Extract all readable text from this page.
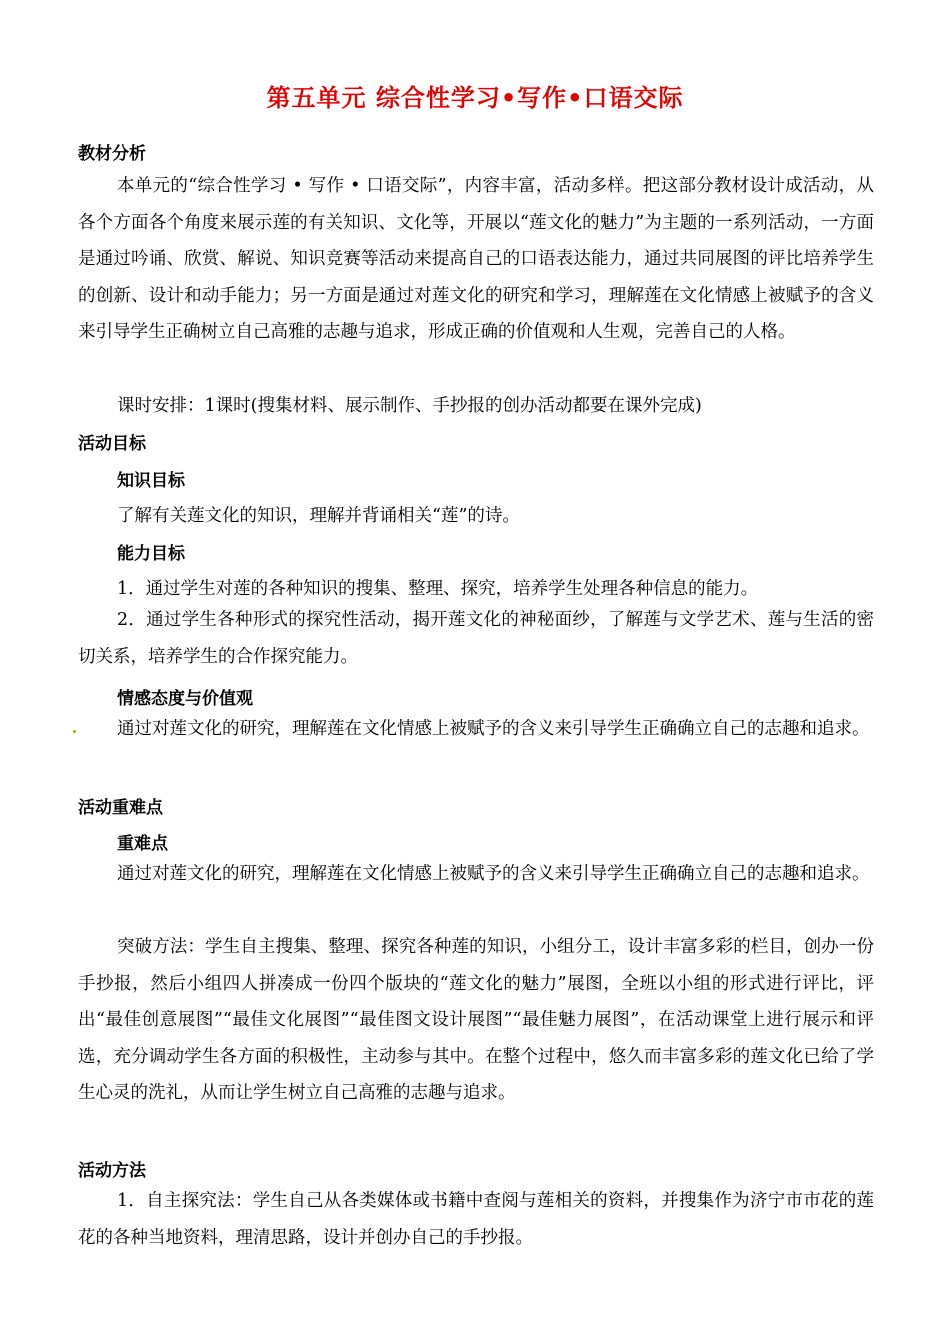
第五单元 综合性学习•写作•口语交际
教材分析
本单元的“综合性学习 • 写作 • 口语交际”，内容丰富，活动多样。把这部分教材设计成活动，从各个方面各个角度来展示莲的有关知识、文化等，开展以“莲文化的魅力”为主题的一系列活动，一方面是通过吟诵、欣赏、解说、知识竞赛等活动来提高自己的口语表达能力，通过共同展图的评比培养学生的创新、设计和动手能力；另一方面是通过对莲文化的研究和学习，理解莲在文化情感上被赋予的含义来引导学生正确树立自己高雅的志趣与追求，形成正确的价值观和人生观，完善自己的人格。
课时安排：1课时(搜集材料、展示制作、手抄报的创办活动都要在课外完成)
活动目标
知识目标
了解有关莲文化的知识，理解并背诵相关“莲”的诗。
能力目标
1．通过学生对莲的各种知识的搜集、整理、探究，培养学生处理各种信息的能力。
2．通过学生各种形式的探究性活动，揭开莲文化的神秘面纱，了解莲与文学艺术、莲与生活的密切关系，培养学生的合作探究能力。
情感态度与价值观
通过对莲文化的研究，理解莲在文化情感上被赋予的含义来引导学生正确确立自己的志趣和追求。
活动重难点
重难点
通过对莲文化的研究，理解莲在文化情感上被赋予的含义来引导学生正确确立自己的志趣和追求。
突破方法：学生自主搜集、整理、探究各种莲的知识，小组分工，设计丰富多彩的栏目，创办一份手抄报，然后小组四人拼凑成一份四个版块的“莲文化的魅力”展图，全班以小组的形式进行评比，评出“最佳创意展图”“最佳文化展图”“最佳图文设计展图”“最佳魅力展图”，在活动课堂上进行展示和评选，充分调动学生各方面的积极性，主动参与其中。在整个过程中，悠久而丰富多彩的莲文化已给了学生心灵的洗礼，从而让学生树立自己高雅的志趣与追求。
活动方法
1．自主探究法：学生自己从各类媒体或书籍中查阅与莲相关的资料，并搜集作为济宁市市花的莲花的各种当地资料，理清思路，设计并创办自己的手抄报。
